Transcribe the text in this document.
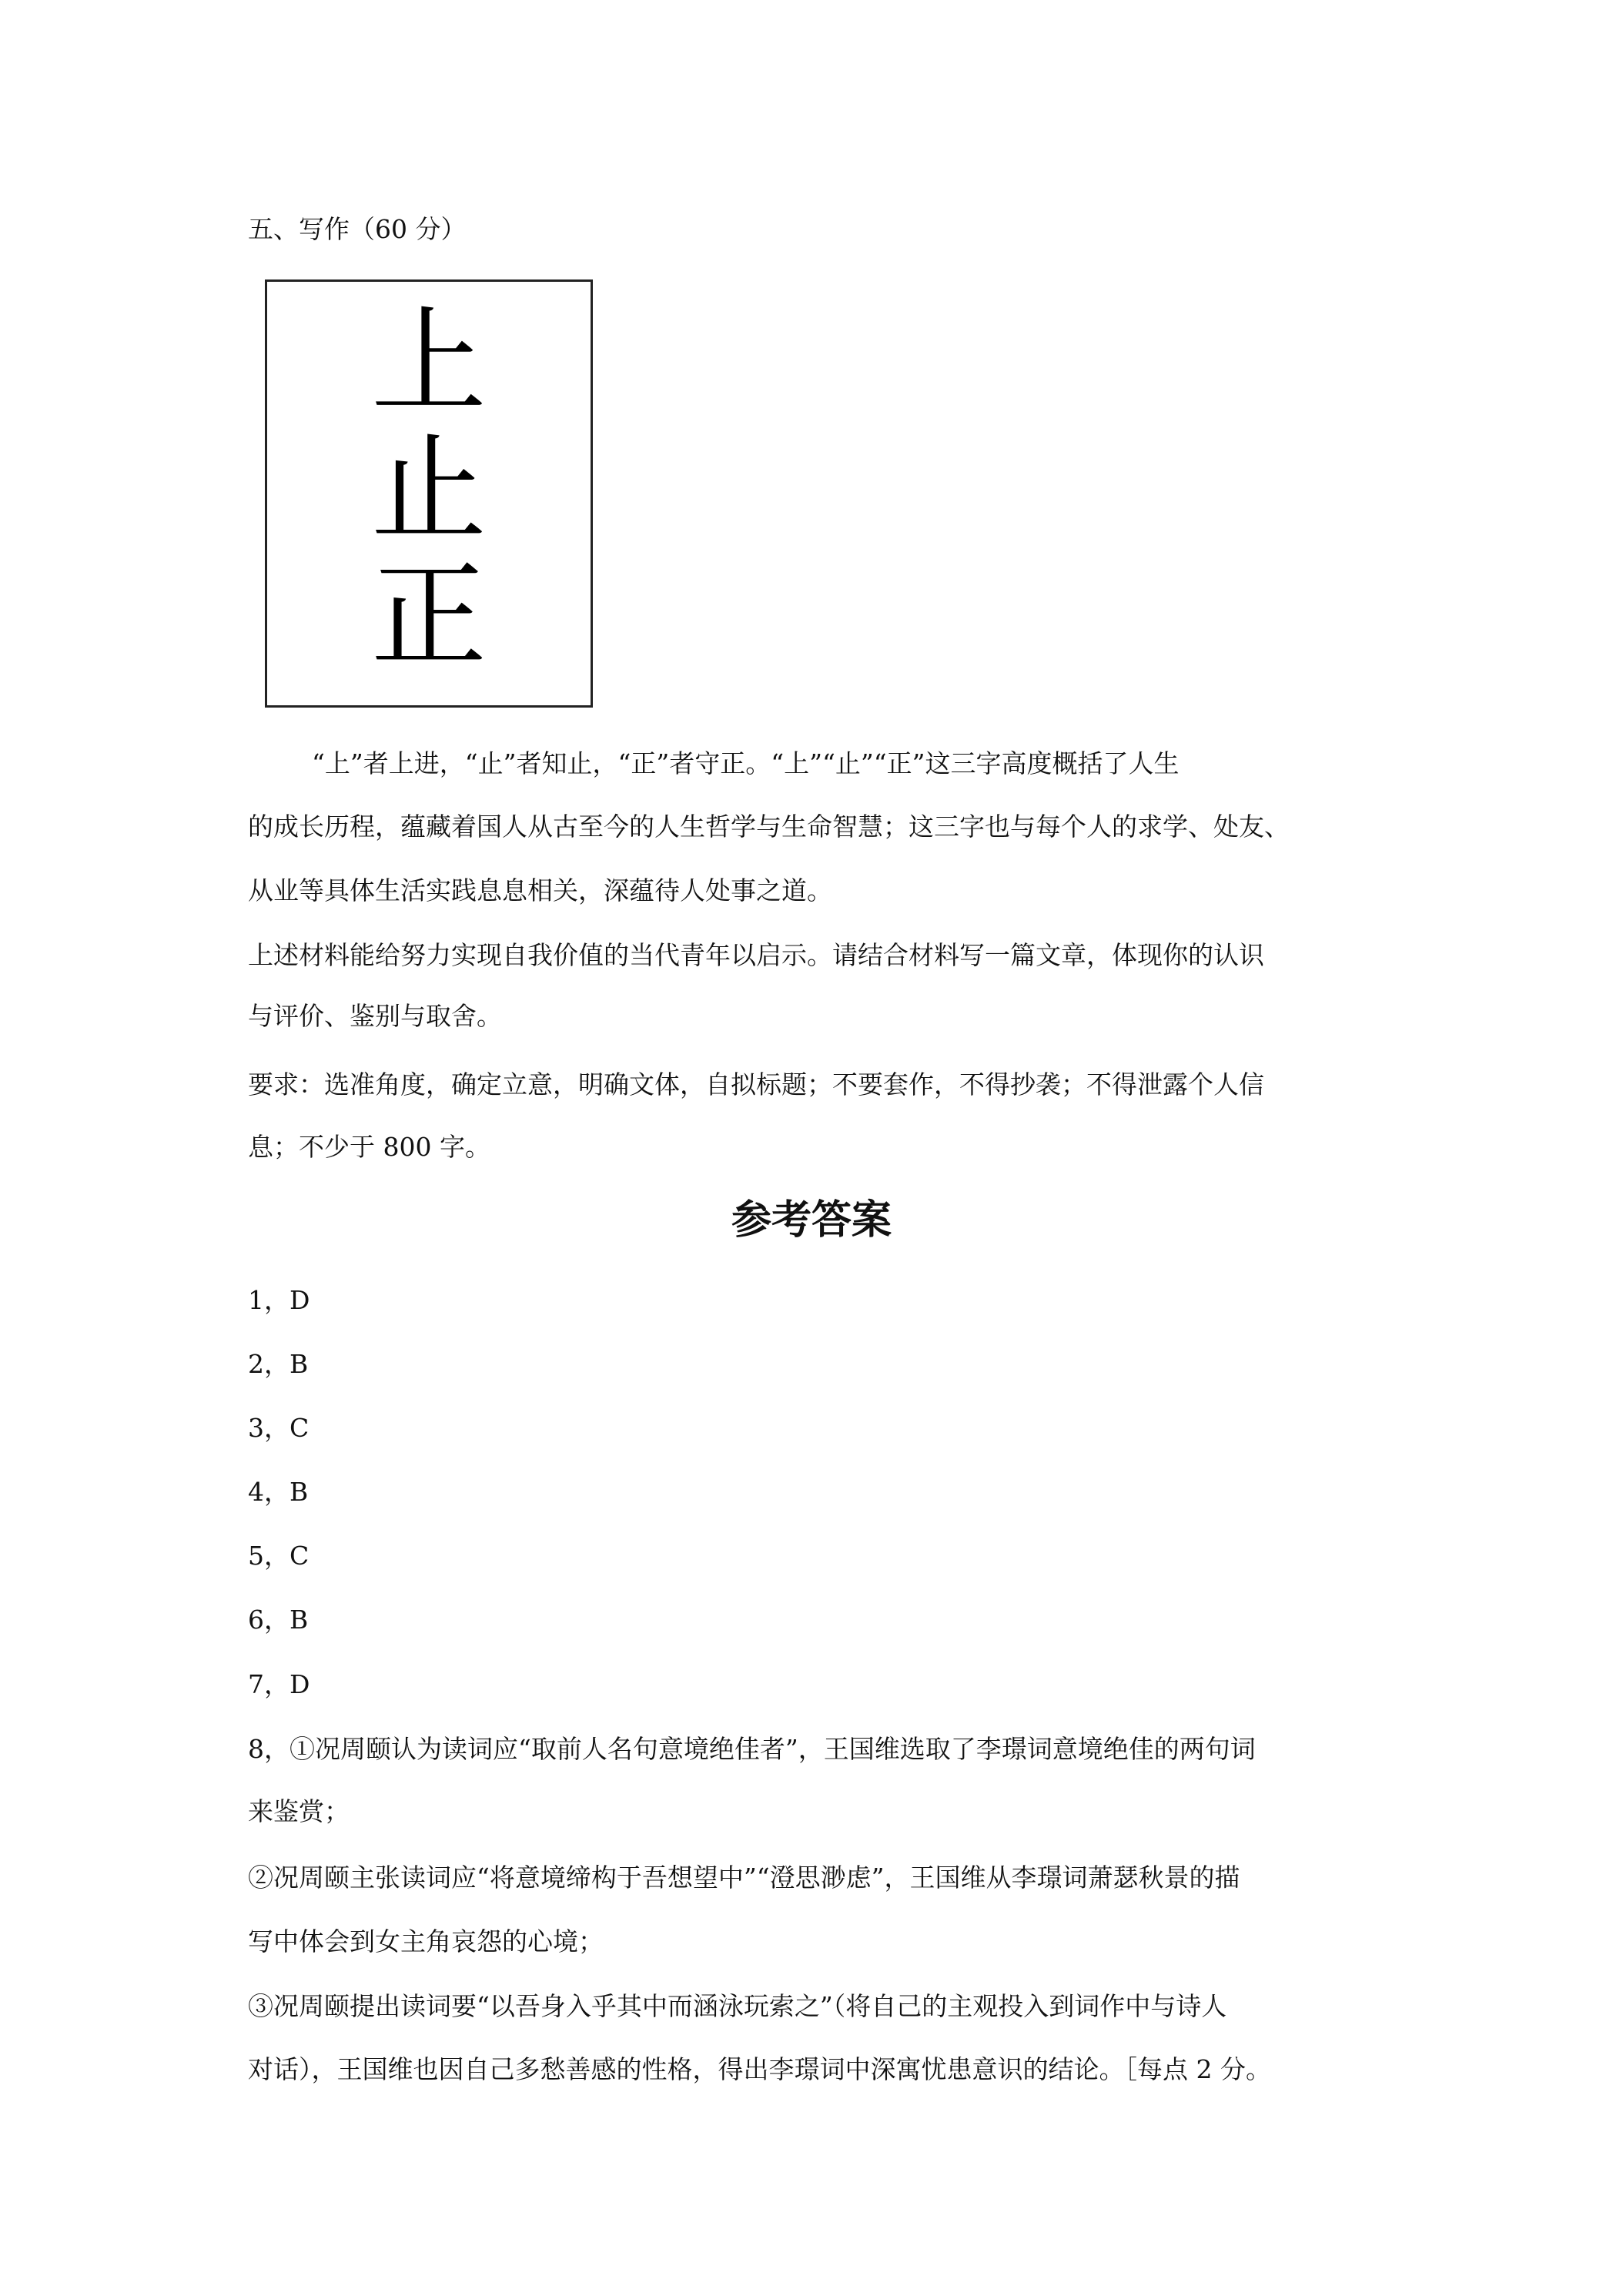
五、写作（60 分）
上
止
正
“上”者上进，“止”者知止，“正”者守正。“上”“止”“正”这三字高度概括了人生
的成长历程，蕴藏着国人从古至今的人生哲学与生命智慧；这三字也与每个人的求学、处友、
从业等具体生活实践息息相关，深蕴待人处事之道。
上述材料能给努力实现自我价值的当代青年以启示。请结合材料写一篇文章，体现你的认识
与评价、鉴别与取舍。
要求：选准角度，确定立意，明确文体，自拟标题；不要套作，不得抄袭；不得泄露个人信
息；不少于 800 字。
参考答案
1，D
2，B
3，C
4，B
5，C
6，B
7，D
8，①况周颐认为读词应“取前人名句意境绝佳者”，王国维选取了李璟词意境绝佳的两句词
来鉴赏；
②况周颐主张读词应“将意境缔构于吾想望中”“澄思渺虑”，王国维从李璟词萧瑟秋景的描
写中体会到女主角哀怨的心境；
③况周颐提出读词要“以吾身入乎其中而涵泳玩索之”（将自己的主观投入到词作中与诗人
对话），王国维也因自己多愁善感的性格，得出李璟词中深寓忧患意识的结论。［每点 2 分。
